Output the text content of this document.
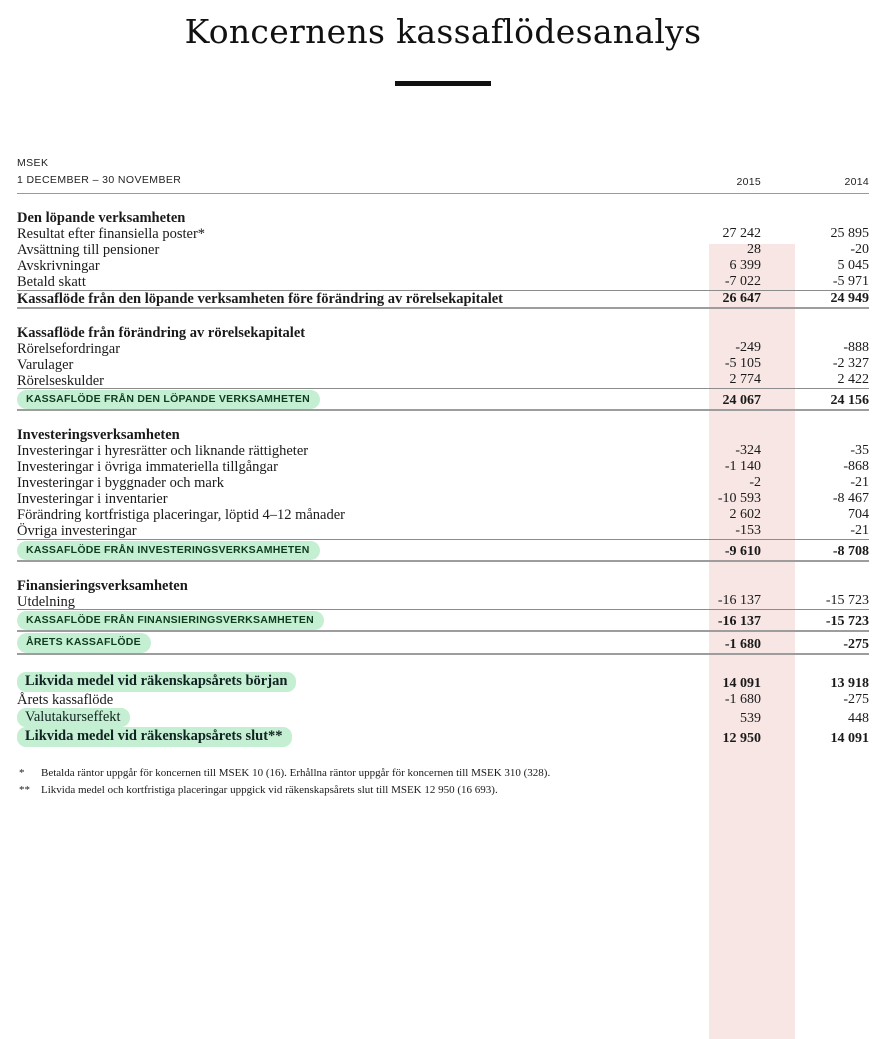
Koncernens kassaflödesanalys
MSEK
1 DECEMBER – 30 NOVEMBER	2015	2014

Den löpande verksamheten		
Resultat efter finansiella poster*	27 242	25 895
Avsättning till pensioner	28	-20
Avskrivningar	6 399	5 045
Betald skatt	-7 022	-5 971
Kassaflöde från den löpande verksamheten före förändring av rörelsekapitalet	26 647	24 949

Kassaflöde från förändring av rörelsekapitalet		
Rörelsefordringar	-249	-888
Varulager	-5 105	-2 327
Rörelseskulder	2 774	2 422
KASSAFLÖDE FRÅN DEN LÖPANDE VERKSAMHETEN	24 067	24 156

Investeringsverksamheten		
Investeringar i hyresrätter och liknande rättigheter	-324	-35
Investeringar i övriga immateriella tillgångar	-1 140	-868
Investeringar i byggnader och mark	-2	-21
Investeringar i inventarier	-10 593	-8 467
Förändring kortfristiga placeringar, löptid 4–12 månader	2 602	704
Övriga investeringar	-153	-21
KASSAFLÖDE FRÅN INVESTERINGSVERKSAMHETEN	-9 610	-8 708

Finansieringsverksamheten		
Utdelning	-16 137	-15 723
KASSAFLÖDE FRÅN FINANSIERINGSVERKSAMHETEN	-16 137	-15 723
ÅRETS KASSAFLÖDE	-1 680	-275

Likvida medel vid räkenskapsårets början	14 091	13 918
Årets kassaflöde	-1 680	-275
Valutakurseffekt	539	448
Likvida medel vid räkenskapsårets slut**	12 950	14 091
*	Betalda räntor uppgår för koncernen till MSEK 10 (16). Erhållna räntor uppgår för koncernen till MSEK 310 (328).
**	Likvida medel och kortfristiga placeringar uppgick vid räkenskapsårets slut till MSEK 12 950 (16 693).
